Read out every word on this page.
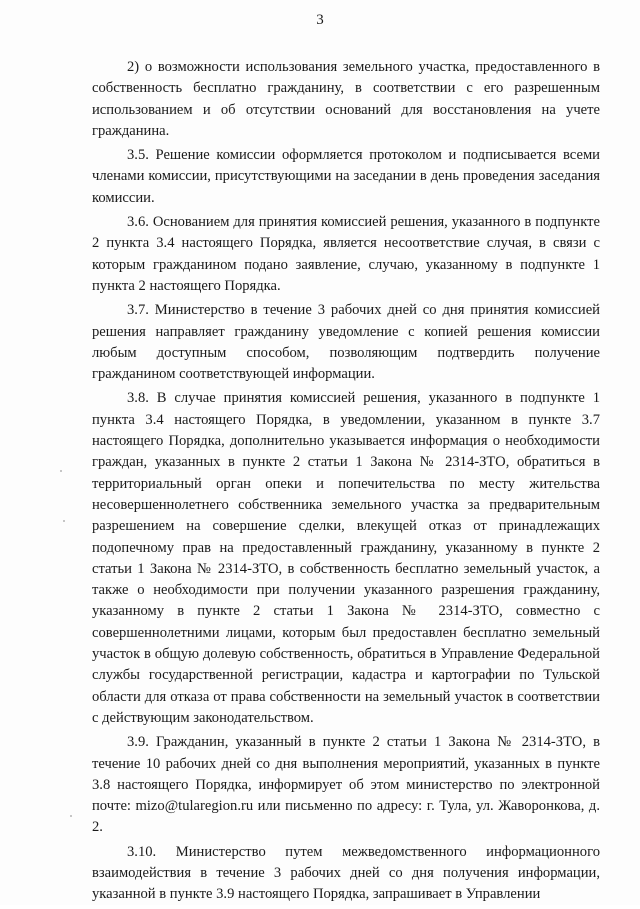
3

2) о возможности использования земельного участка, предоставленного в собственность бесплатно гражданину, в соответствии с его разрешенным использованием и об отсутствии оснований для восстановления на учете гражданина.

3.5. Решение комиссии оформляется протоколом и подписывается всеми членами комиссии, присутствующими на заседании в день проведения заседания комиссии.

3.6. Основанием для принятия комиссией решения, указанного в подпункте 2 пункта 3.4 настоящего Порядка, является несоответствие случая, в связи с которым гражданином подано заявление, случаю, указанному в подпункте 1 пункта 2 настоящего Порядка.

3.7. Министерство в течение 3 рабочих дней со дня принятия комиссией решения направляет гражданину уведомление с копией решения комиссии любым доступным способом, позволяющим подтвердить получение гражданином соответствующей информации.

3.8. В случае принятия комиссией решения, указанного в подпункте 1 пункта 3.4 настоящего Порядка, в уведомлении, указанном в пункте 3.7 настоящего Порядка, дополнительно указывается информация о необходимости граждан, указанных в пункте 2 статьи 1 Закона № 2314-ЗТО, обратиться в территориальный орган опеки и попечительства по месту жительства несовершеннолетнего собственника земельного участка за предварительным разрешением на совершение сделки, влекущей отказ от принадлежащих подопечному прав на предоставленный гражданину, указанному в пункте 2 статьи 1 Закона № 2314-ЗТО, в собственность бесплатно земельный участок, а также о необходимости при получении указанного разрешения гражданину, указанному в пункте 2 статьи 1 Закона № 2314-ЗТО, совместно с совершеннолетними лицами, которым был предоставлен бесплатно земельный участок в общую долевую собственность, обратиться в Управление Федеральной службы государственной регистрации, кадастра и картографии по Тульской области для отказа от права собственности на земельный участок в соответствии с действующим законодательством.

3.9. Гражданин, указанный в пункте 2 статьи 1 Закона № 2314-ЗТО, в течение 10 рабочих дней со дня выполнения мероприятий, указанных в пункте 3.8 настоящего Порядка, информирует об этом министерство по электронной почте: mizo@tularegion.ru или письменно по адресу: г. Тула, ул. Жаворонкова, д. 2.

3.10. Министерство путем межведомственного информационного взаимодействия в течение 3 рабочих дней со дня получения информации, указанной в пункте 3.9 настоящего Порядка, запрашивает в Управлении
